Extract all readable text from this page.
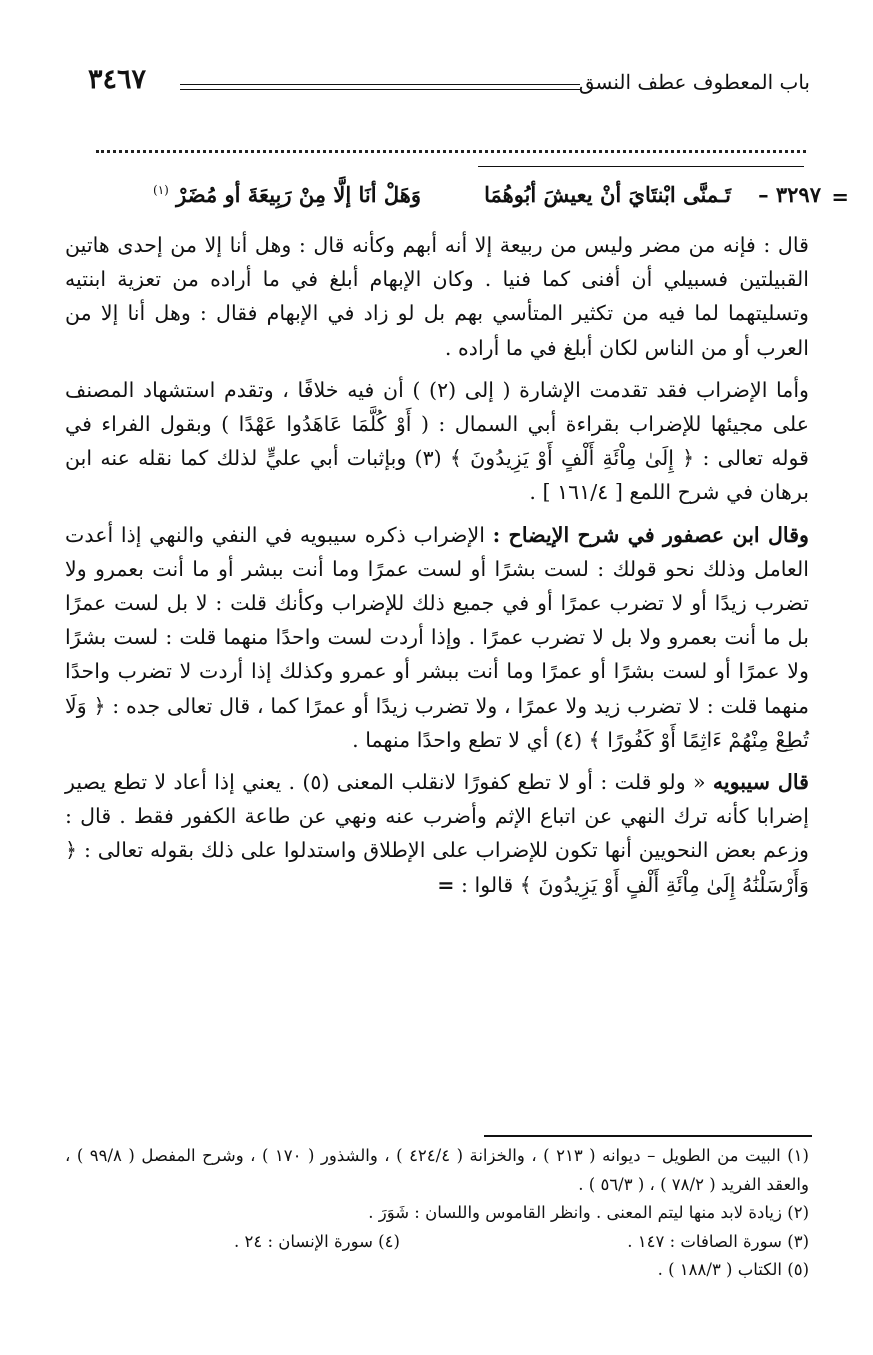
باب المعطوف عطف النسق
٣٤٦٧
=
٣٢٩٧ –
تَـمنَّى ابْنتَايَ أنْ يعيشَ أبُوهُمَا
وَهَلْ أنَا إلَّا مِنْ رَبِيعَةَ أو مُضَرْ $^{(١)}$

قال : فإنه من مضر وليس من ربيعة إلا أنه أبهم وكأنه قال : وهل أنا إلا من إحدى هاتين القبيلتين فسبيلي أن أفنى كما فنيا . وكان الإبهام أبلغ في ما أراده من تعزية ابنتيه وتسليتهما لما فيه من تكثير المتأسي بهم بل لو زاد في الإبهام فقال : وهل أنا إلا من العرب أو من الناس لكان أبلغ في ما أراده .

وأما الإضراب فقد تقدمت الإشارة ( إلى (٢) ) أن فيه خلافًا ، وتقدم استشهاد المصنف على مجيئها للإضراب بقراءة أبي السمال : ( أَوْ كُلَّمَا عَاهَدُوا عَهْدًا ) وبقول الفراء في قوله تعالى : ﴿ إِلَىٰ مِاْئَةِ أَلْفٍ أَوْ يَزِيدُونَ ﴾ (٣) وبإثبات أبي عليٍّ لذلك كما نقله عنه ابن برهان في شرح اللمع [ ١٦١/٤ ] .

وقال ابن عصفور في شرح الإيضاح : الإضراب ذكره سيبويه في النفي والنهي إذا أعدت العامل وذلك نحو قولك : لست بشرًا أو لست عمرًا وما أنت ببشر أو ما أنت بعمرو ولا تضرب زيدًا أو لا تضرب عمرًا أو في جميع ذلك للإضراب وكأنك قلت : لا بل لست عمرًا بل ما أنت بعمرو ولا بل لا تضرب عمرًا . وإذا أردت لست واحدًا منهما قلت : لست بشرًا ولا عمرًا أو لست بشرًا أو عمرًا وما أنت ببشر أو عمرو وكذلك إذا أردت لا تضرب واحدًا منهما قلت : لا تضرب زيد ولا عمرًا ، ولا تضرب زيدًا أو عمرًا كما ، قال تعالى جده : ﴿ وَلَا تُطِعْ مِنْهُمْ ءَاثِمًا أَوْ كَفُورًا ﴾ (٤) أي لا تطع واحدًا منهما .

قال سيبويه « ولو قلت : أو لا تطع كفورًا لانقلب المعنى (٥) . يعني إذا أعاد لا تطع يصير إضرابا كأنه ترك النهي عن اتباع الإثم وأضرب عنه ونهي عن طاعة الكفور فقط . قال : وزعم بعض النحويين أنها تكون للإضراب على الإطلاق واستدلوا على ذلك بقوله تعالى : ﴿ وَأَرْسَلْنَٰهُ إِلَىٰ مِاْئَةِ أَلْفٍ أَوْ يَزِيدُونَ ﴾ قالوا : =

(١) البيت من الطويل – ديوانه ( ٢١٣ ) ، والخزانة ( ٤٢٤/٤ ) ، والشذور ( ١٧٠ ) ، وشرح المفصل ( ٩٩/٨ ) ، والعقد الفريد ( ٧٨/٢ ) ، ( ٥٦/٣ ) .

(٢) زيادة لابد منها ليتم المعنى . وانظر القاموس واللسان : شَوَرَ .

(٣) سورة الصافات : ١٤٧ .
(٤) سورة الإنسان : ٢٤ .

(٥) الكتاب ( ١٨٨/٣ ) .
